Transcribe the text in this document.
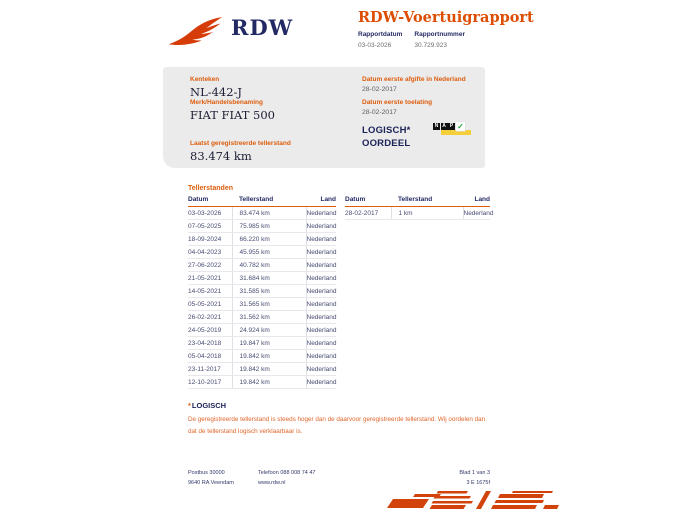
RDW	RDW-Voertuigrapport
Rapportdatum
03-03-2026
Rapportnummer
30.729.923
Kenteken
NL-442-J
Merk/Handelsbenaming
FIAT FIAT 500
Laatst geregistreerde tellerstand
83.474 km
Datum eerste afgifte in Nederland
28-02-2017
Datum eerste toelating
28-02-2017
LOGISCH*
OORDEEL
N A P ✓
Tellerstanden
Datum	Tellerstand	Land
03-03-2026	83.474 km	Nederland
07-05-2025	75.985 km	Nederland
18-09-2024	66.220 km	Nederland
04-04-2023	45.955 km	Nederland
27-06-2022	40.782 km	Nederland
21-05-2021	31.684 km	Nederland
14-05-2021	31.585 km	Nederland
05-05-2021	31.565 km	Nederland
26-02-2021	31.562 km	Nederland
24-05-2019	24.924 km	Nederland
23-04-2018	19.847 km	Nederland
05-04-2018	19.842 km	Nederland
23-11-2017	19.842 km	Nederland
12-10-2017	19.842 km	Nederland
Datum	Tellerstand	Land
28-02-2017	1 km	Nederland
*LOGISCH
De geregistreerde tellerstand is steeds hoger dan de daarvoor geregistreerde tellerstand. Wij oordelen dan dat de tellerstand logisch verklaarbaar is.
Postbus 30000
9640 RA Veendam
Telefoon 088 008 74 47
www.rdw.nl
Blad 1 van 3
3 E 1675f
